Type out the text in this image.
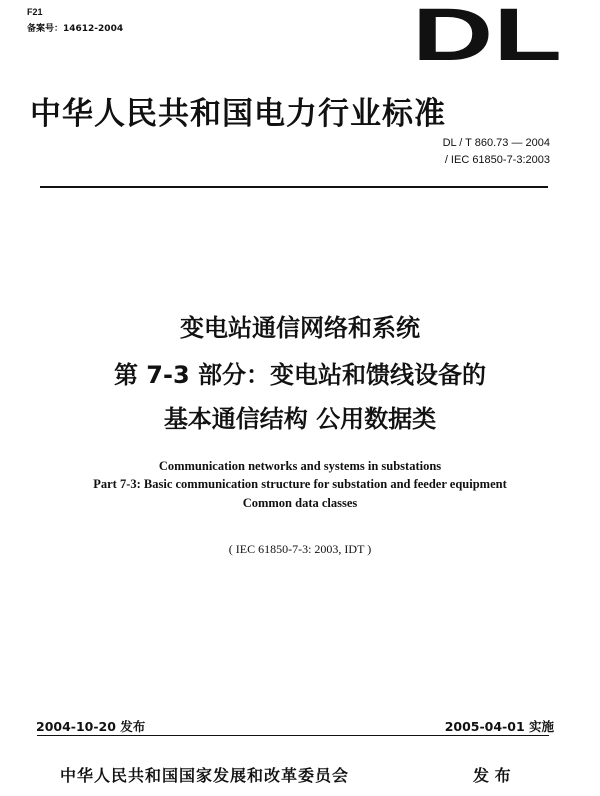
F21
备案号：14612-2004	DL
中华人民共和国电力行业标准
DL / T 860.73 — 2004
/ IEC 61850-7-3:2003
变电站通信网络和系统
第 7-3 部分：变电站和馈线设备的
基本通信结构 公用数据类
Communication networks and systems in substations
Part 7-3: Basic communication structure for substation and feeder equipment
Common data classes
( IEC 61850-7-3: 2003, IDT )
2004-10-20 发布	2005-04-01 实施
中华人民共和国国家发展和改革委员会	发 布
